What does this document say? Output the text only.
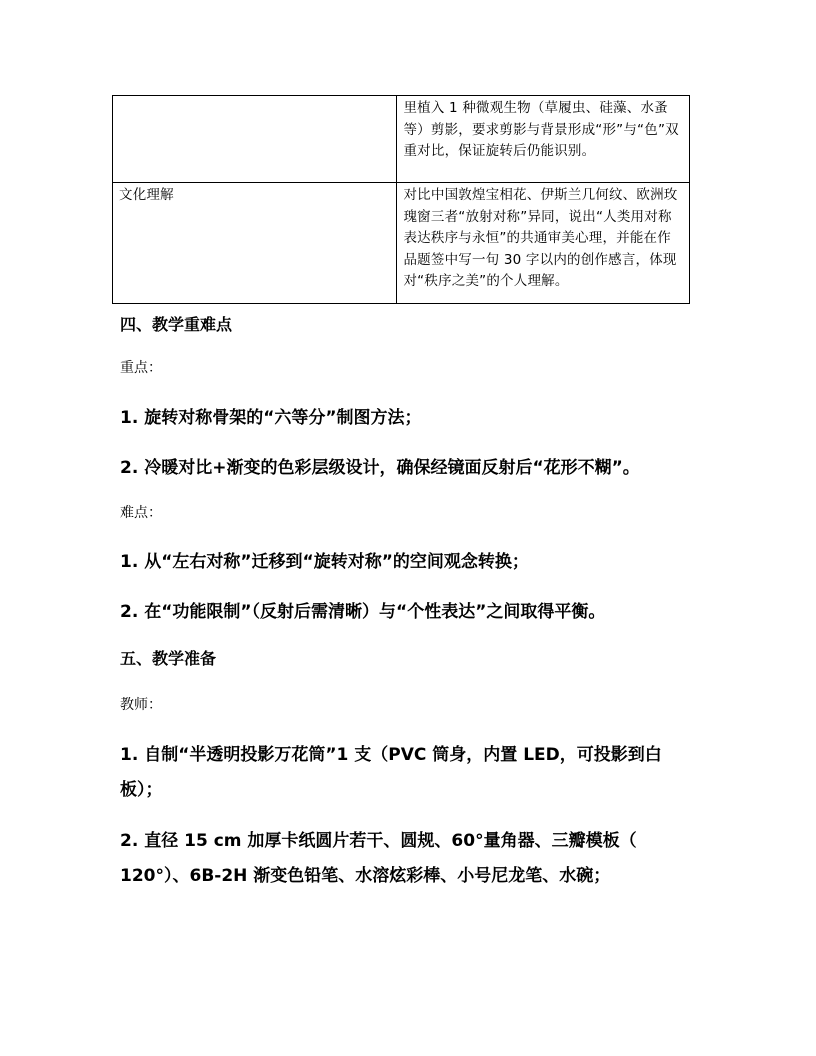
	里植入 1 种微观生物（草履虫、硅藻、水蚤等）剪影，要求剪影与背景形成“形”与“色”双重对比，保证旋转后仍能识别。

文化理解	对比中国敦煌宝相花、伊斯兰几何纹、欧洲玫瑰窗三者“放射对称”异同，说出“人类用对称表达秩序与永恒”的共通审美心理，并能在作品题签中写一句 30 字以内的创作感言，体现对“秩序之美”的个人理解。
四、教学重难点
重点：
1. 旋转对称骨架的“六等分”制图方法；
2. 冷暖对比+渐变的色彩层级设计，确保经镜面反射后“花形不糊”。
难点：
1. 从“左右对称”迁移到“旋转对称”的空间观念转换；
2. 在“功能限制”（反射后需清晰）与“个性表达”之间取得平衡。
五、教学准备
教师：
1. 自制“半透明投影万花筒”1 支（PVC 筒身，内置 LED，可投影到白
板）；
2. 直径 15 cm 加厚卡纸圆片若干、圆规、60°量角器、三瓣模板（
120°）、6B-2H 渐变色铅笔、水溶炫彩棒、小号尼龙笔、水碗；
